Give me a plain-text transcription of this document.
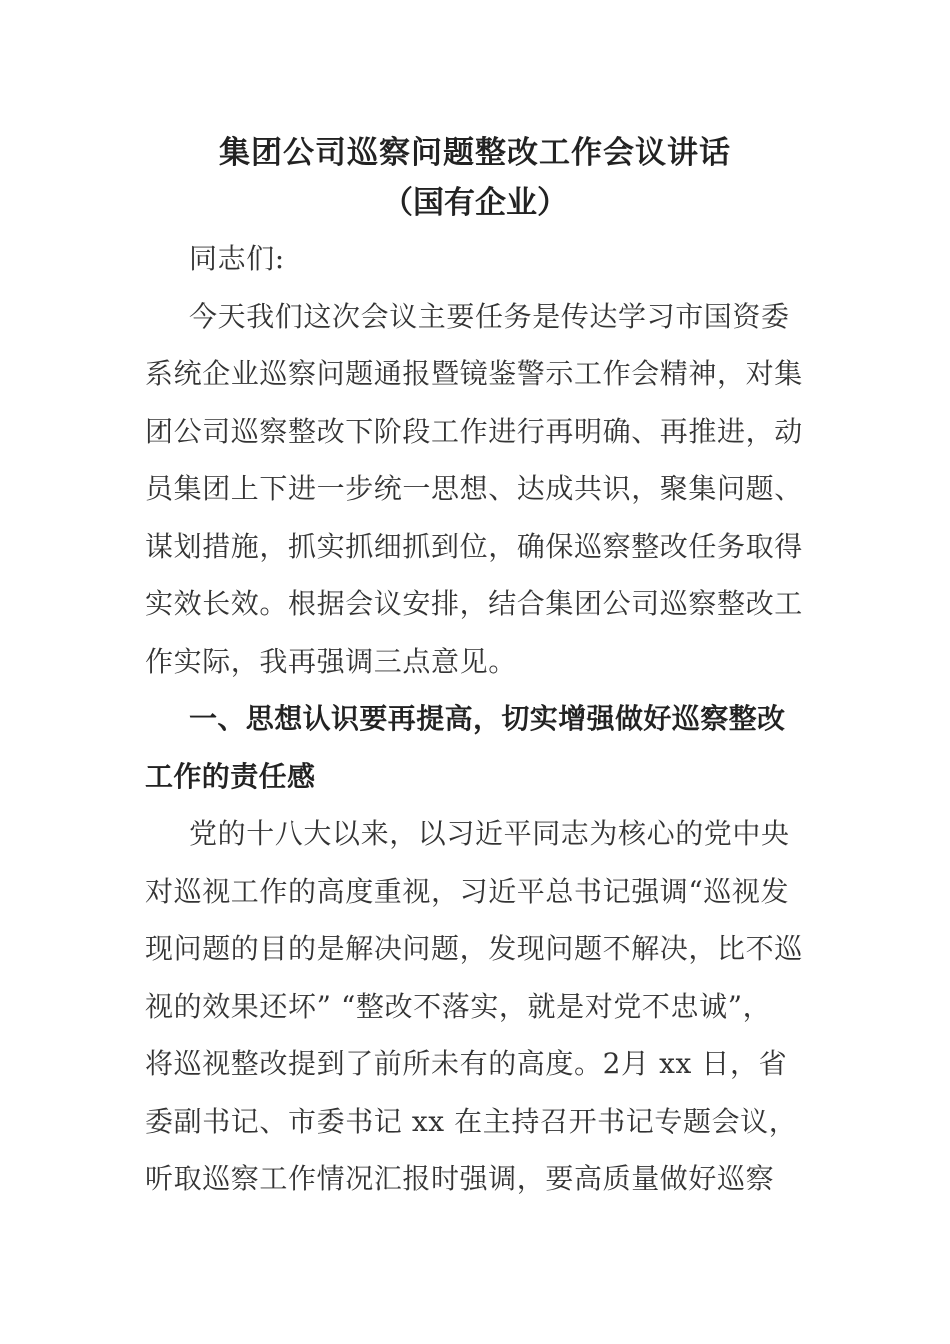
集团公司巡察问题整改工作会议讲话
（国有企业）
同志们:
今天我们这次会议主要任务是传达学习市国资委
系统企业巡察问题通报暨镜鉴警示工作会精神，对集
团公司巡察整改下阶段工作进行再明确、再推进，动
员集团上下进一步统一思想、达成共识，聚集问题、
谋划措施，抓实抓细抓到位，确保巡察整改任务取得
实效长效。根据会议安排，结合集团公司巡察整改工
作实际，我再强调三点意见。
一、思想认识要再提高，切实增强做好巡察整改
工作的责任感
党的十八大以来，以习近平同志为核心的党中央
对巡视工作的高度重视，习近平总书记强调“巡视发
现问题的目的是解决问题，发现问题不解决，比不巡
视的效果还坏” “整改不落实，就是对党不忠诚”，
将巡视整改提到了前所未有的高度。2月 xx 日，省
委副书记、市委书记 xx 在主持召开书记专题会议，
听取巡察工作情况汇报时强调，要高质量做好巡察
